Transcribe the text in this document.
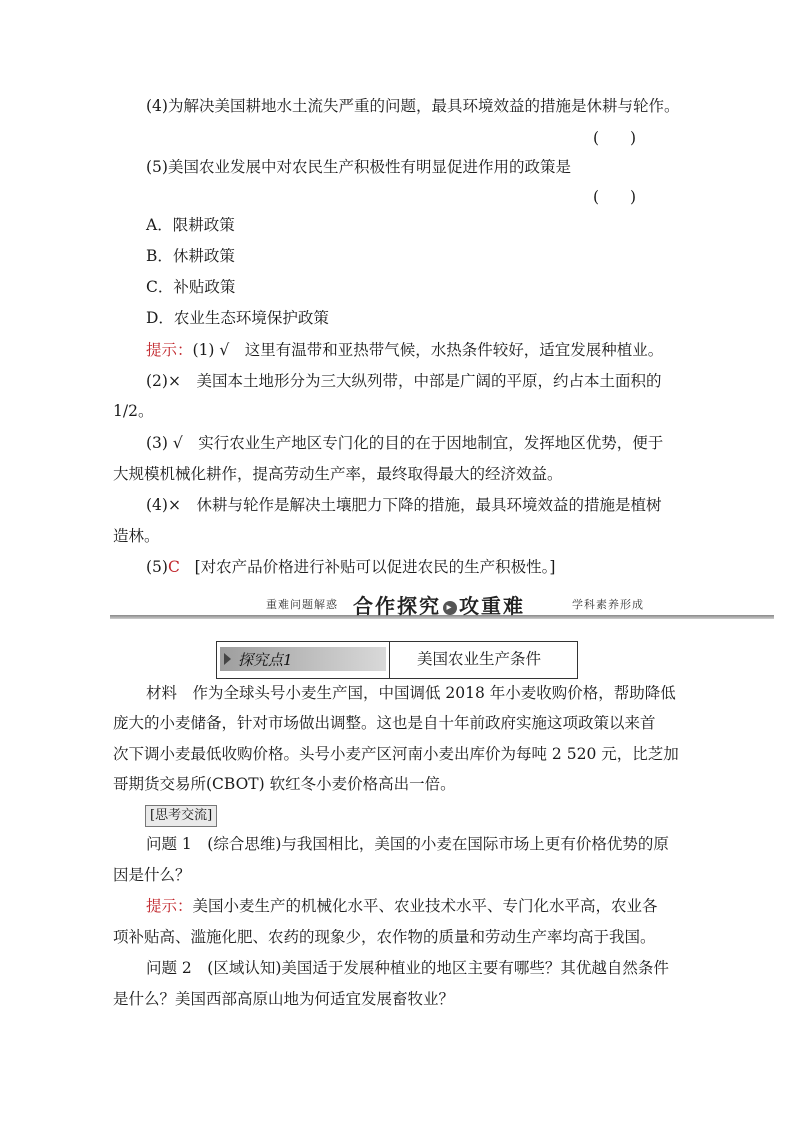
(4)为解决美国耕地水土流失严重的问题，最具环境效益的措施是休耕与轮作。
(　　)
(5)美国农业发展中对农民生产积极性有明显促进作用的政策是
(　　)
A．限耕政策
B．休耕政策
C．补贴政策
D．农业生态环境保护政策
提示：(1) √　这里有温带和亚热带气候，水热条件较好，适宜发展种植业。
(2)×　美国本土地形分为三大纵列带，中部是广阔的平原，约占本土面积的
1/2。
(3) √　实行农业生产地区专门化的目的在于因地制宜，发挥地区优势，便于
大规模机械化耕作，提高劳动生产率，最终取得最大的经济效益。
(4)×　休耕与轮作是解决土壤肥力下降的措施，最具环境效益的措施是植树
造林。
(5)C [对农产品价格进行补贴可以促进农民的生产积极性。]
重难问题解惑 合作探究 ▸ 攻重难	学科素养形成
探究点1	美国农业生产条件
材料　作为全球头号小麦生产国，中国调低 2018 年小麦收购价格，帮助降低
庞大的小麦储备，针对市场做出调整。这也是自十年前政府实施这项政策以来首
次下调小麦最低收购价格。头号小麦产区河南小麦出库价为每吨 2 520 元，比芝加
哥期货交易所(CBOT) 软红冬小麦价格高出一倍。
[思考交流]
问题 1　(综合思维)与我国相比，美国的小麦在国际市场上更有价格优势的原
因是什么？
提示：美国小麦生产的机械化水平、农业技术水平、专门化水平高，农业各
项补贴高、滥施化肥、农药的现象少，农作物的质量和劳动生产率均高于我国。
问题 2　(区域认知)美国适于发展种植业的地区主要有哪些？其优越自然条件
是什么？美国西部高原山地为何适宜发展畜牧业？
